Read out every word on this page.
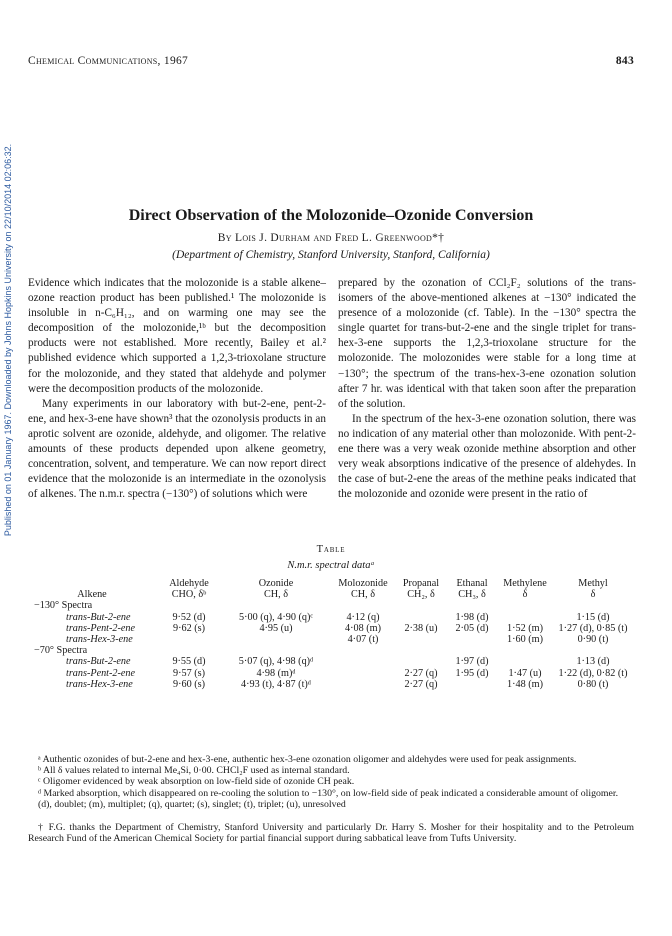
Published on 01 January 1967. Downloaded by Johns Hopkins University on 22/10/2014 02:06:32.
Chemical Communications, 1967	843
Direct Observation of the Molozonide–Ozonide Conversion
By Lois J. Durham and Fred L. Greenwood*†
(Department of Chemistry, Stanford University, Stanford, California)

Evidence which indicates that the molozonide is a stable alkene–ozone reaction product has been published.¹ The molozonide is insoluble in n-C₆H₁₂, and on warming one may see the decomposition of the molozonide,¹ᵇ but the decomposition products were not established. More recently, Bailey et al.² published evidence which supported a 1,2,3-trioxolane structure for the molozonide, and they stated that aldehyde and polymer were the decomposition products of the molozonide.

Many experiments in our laboratory with but-2-ene, pent-2-ene, and hex-3-ene have shown³ that the ozonolysis products in an aprotic solvent are ozonide, aldehyde, and oligomer. The relative amounts of these products depended upon alkene geometry, concentration, solvent, and temperature. We can now report direct evidence that the molozonide is an intermediate in the ozonolysis of alkenes. The n.m.r. spectra (−130°) of solutions which were

prepared by the ozonation of CCl₂F₂ solutions of the trans-isomers of the above-mentioned alkenes at −130° indicated the presence of a molozonide (cf. Table). In the −130° spectra the single quartet for trans-but-2-ene and the single triplet for trans-hex-3-ene supports the 1,2,3-trioxolane structure for the molozonide. The molozonides were stable for a long time at −130°; the spectrum of the trans-hex-3-ene ozonation solution after 7 hr. was identical with that taken soon after the preparation of the solution.

In the spectrum of the hex-3-ene ozonation solution, there was no indication of any material other than molozonide. With pent-2-ene there was a very weak ozonide methine absorption and other very weak absorptions indicative of the presence of aldehydes. In the case of but-2-ene the areas of the methine peaks indicated that the molozonide and ozonide were present in the ratio of

Table
N.m.r. spectral dataᵃ
	Aldehyde	Ozonide	Molozonide	Propanal	Ethanal	Methylene	Methyl
Alkene	CHO, δᵇ	CH, δ	CH, δ	CH₂, δ	CH₃, δ	δ	δ
−130° Spectra							
trans-But-2-ene	9·52 (d)	5·00 (q), 4·90 (q)ᶜ	4·12 (q)		1·98 (d)		1·15 (d)
trans-Pent-2-ene	9·62 (s)	4·95 (u)	4·08 (m)	2·38 (u)	2·05 (d)	1·52 (m)	1·27 (d), 0·85 (t)
trans-Hex-3-ene			4·07 (t)			1·60 (m)	0·90 (t)
−70° Spectra							
trans-But-2-ene	9·55 (d)	5·07 (q), 4·98 (q)ᵈ			1·97 (d)		1·13 (d)
trans-Pent-2-ene	9·57 (s)	4·98 (m)ᵈ		2·27 (q)	1·95 (d)	1·47 (u)	1·22 (d), 0·82 (t)
trans-Hex-3-ene	9·60 (s)	4·93 (t), 4·87 (t)ᵈ		2·27 (q)		1·48 (m)	0·80 (t)

ᵃ Authentic ozonides of but-2-ene and hex-3-ene, authentic hex-3-ene ozonation oligomer and aldehydes were used for peak assignments.

ᵇ All δ values related to internal Me₄Si, 0·00. CHCl₂F used as internal standard.

ᶜ Oligomer evidenced by weak absorption on low-field side of ozonide CH peak.

ᵈ Marked absorption, which disappeared on re-cooling the solution to −130°, on low-field side of peak indicated a considerable amount of oligomer.

(d), doublet; (m), multiplet; (q), quartet; (s), singlet; (t), triplet; (u), unresolved

† F.G. thanks the Department of Chemistry, Stanford University and particularly Dr. Harry S. Mosher for their hospitality and to the Petroleum Research Fund of the American Chemical Society for partial financial support during sabbatical leave from Tufts University.
